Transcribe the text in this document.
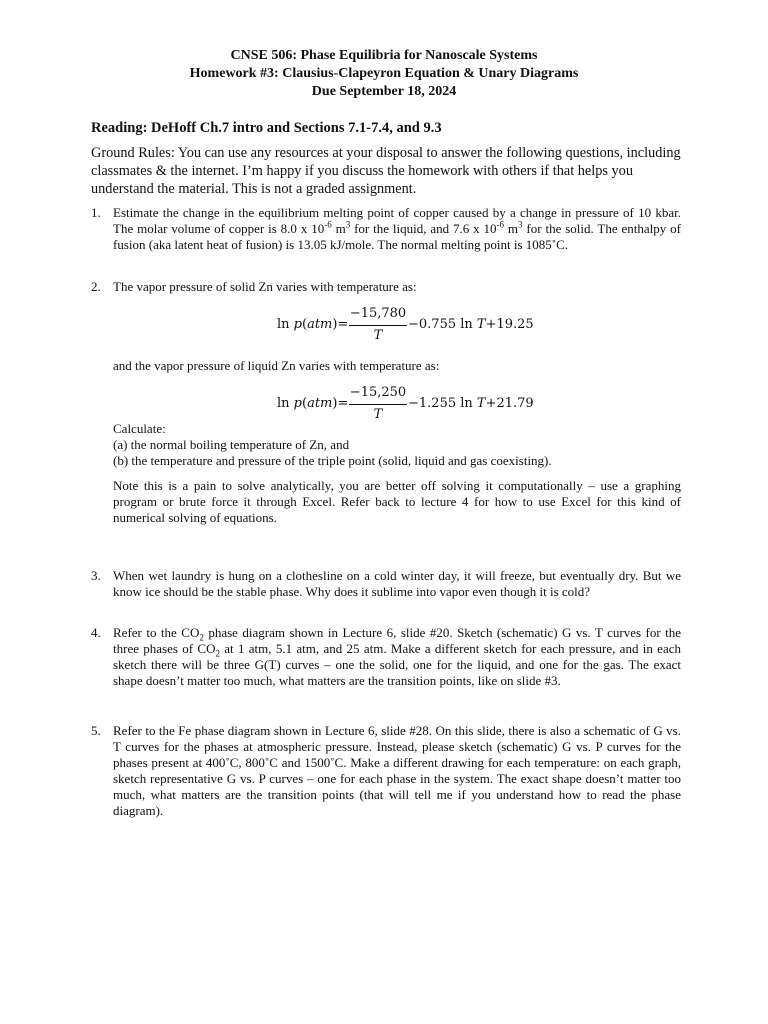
CNSE 506: Phase Equilibria for Nanoscale Systems
Homework #3: Clausius-Clapeyron Equation & Unary Diagrams
Due September 18, 2024
Reading: DeHoff Ch.7 intro and Sections 7.1-7.4, and 9.3
Ground Rules: You can use any resources at your disposal to answer the following questions, including classmates & the internet. I’m happy if you discuss the homework with others if that helps you understand the material. This is not a graded assignment.
1. Estimate the change in the equilibrium melting point of copper caused by a change in pressure of 10 kbar. The molar volume of copper is 8.0 x $10^{-6}$ $m^3$ for the liquid, and 7.6 x $10^{-6}$ $m^3$ for the solid. The enthalpy of fusion (aka latent heat of fusion) is 13.05 kJ/mole. The normal melting point is 1085˚C.
2. The vapor pressure of solid Zn varies with temperature as:

ln p(atm)=
−15,780
T
−0.755 ln T+19.25

and the vapor pressure of liquid Zn varies with temperature as:

ln p(atm)=
−15,250
T
−1.255 ln T+21.79

Calculate:

(a) the normal boiling temperature of Zn, and

(b) the temperature and pressure of the triple point (solid, liquid and gas coexisting).

Note this is a pain to solve analytically, you are better off solving it computationally – use a graphing program or brute force it through Excel. Refer back to lecture 4 for how to use Excel for this kind of numerical solving of equations.

3. When wet laundry is hung on a clothesline on a cold winter day, it will freeze, but eventually dry. But we know ice should be the stable phase. Why does it sublime into vapor even though it is cold?

4. Refer to the $CO_2$ phase diagram shown in Lecture 6, slide #20. Sketch (schematic) G vs. T curves for the three phases of $CO_2$ at 1 atm, 5.1 atm, and 25 atm. Make a different sketch for each pressure, and in each sketch there will be three G(T) curves – one the solid, one for the liquid, and one for the gas. The exact shape doesn’t matter too much, what matters are the transition points, like on slide #3.
5. Refer to the Fe phase diagram shown in Lecture 6, slide #28. On this slide, there is also a schematic of G vs. T curves for the phases at atmospheric pressure. Instead, please sketch (schematic) G vs. P curves for the phases present at 400˚C, 800˚C and 1500˚C. Make a different drawing for each temperature: on each graph, sketch representative G vs. P curves – one for each phase in the system. The exact shape doesn’t matter too much, what matters are the transition points (that will tell me if you understand how to read the phase diagram).
